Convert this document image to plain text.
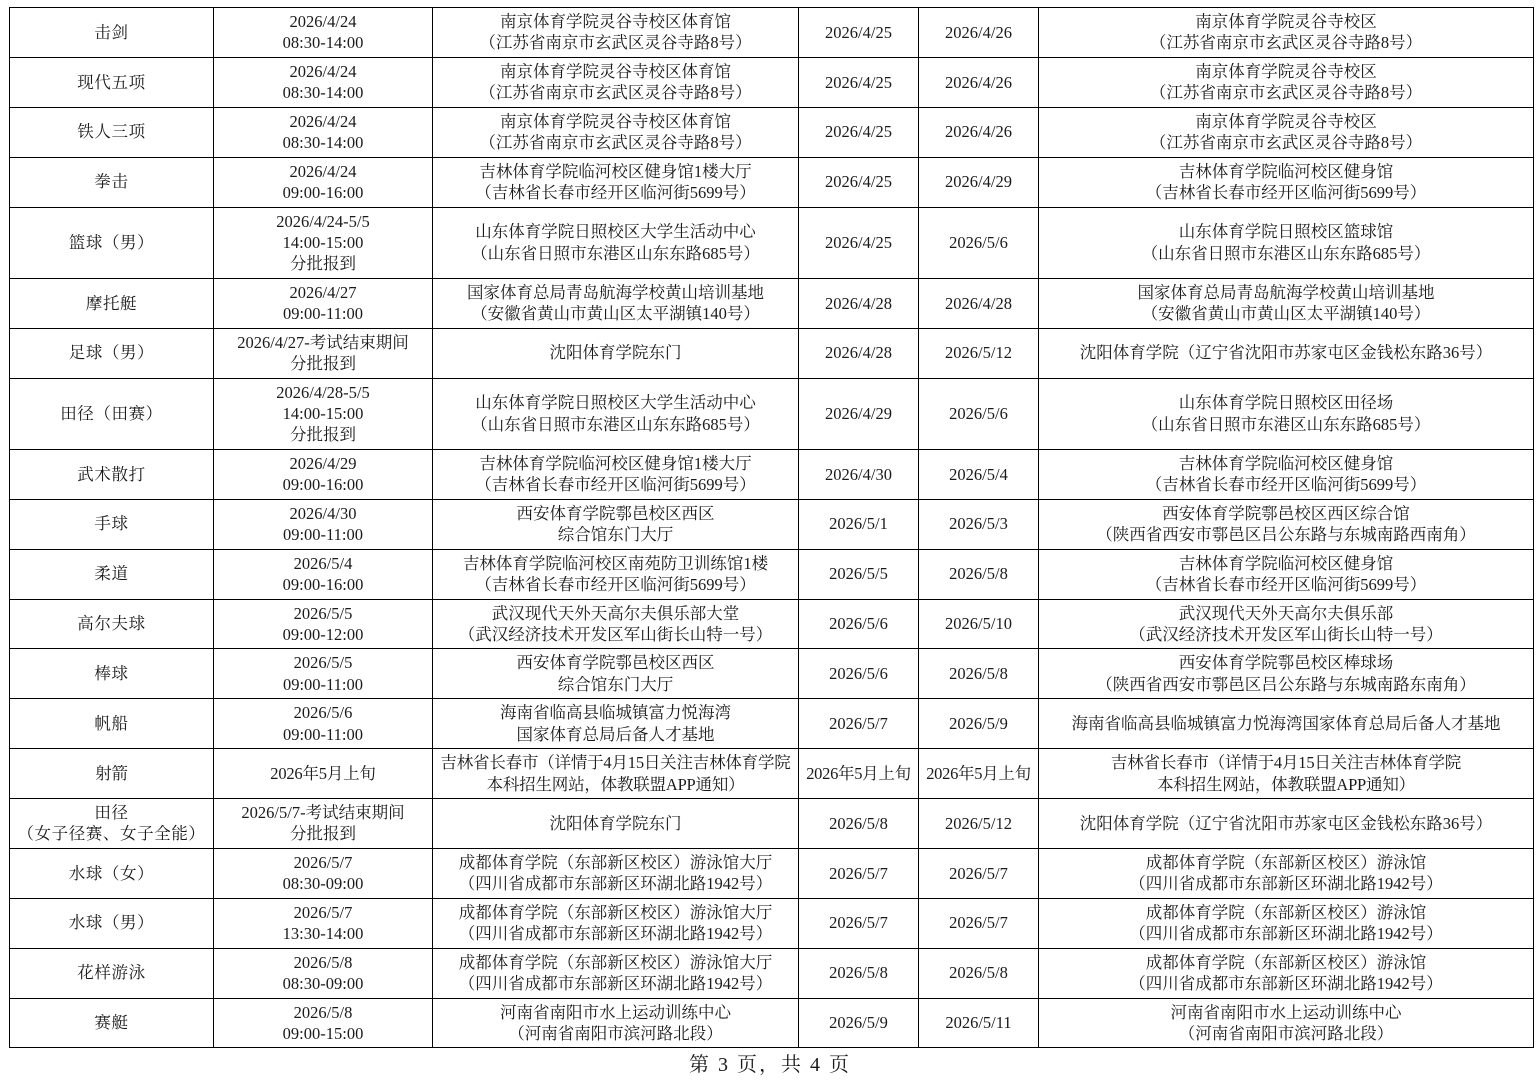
击剑	2026/4/24
08:30-14:00	南京体育学院灵谷寺校区体育馆
（江苏省南京市玄武区灵谷寺路8号）	2026/4/25	2026/4/26	南京体育学院灵谷寺校区
（江苏省南京市玄武区灵谷寺路8号）

现代五项	2026/4/24
08:30-14:00	南京体育学院灵谷寺校区体育馆
（江苏省南京市玄武区灵谷寺路8号）	2026/4/25	2026/4/26	南京体育学院灵谷寺校区
（江苏省南京市玄武区灵谷寺路8号）

铁人三项	2026/4/24
08:30-14:00	南京体育学院灵谷寺校区体育馆
（江苏省南京市玄武区灵谷寺路8号）	2026/4/25	2026/4/26	南京体育学院灵谷寺校区
（江苏省南京市玄武区灵谷寺路8号）

拳击	2026/4/24
09:00-16:00	吉林体育学院临河校区健身馆1楼大厅
（吉林省长春市经开区临河街5699号）	2026/4/25	2026/4/29	吉林体育学院临河校区健身馆
（吉林省长春市经开区临河街5699号）

篮球（男）	2026/4/24-5/5
14:00-15:00
分批报到	山东体育学院日照校区大学生活动中心
（山东省日照市东港区山东东路685号）	2026/4/25	2026/5/6	山东体育学院日照校区篮球馆
（山东省日照市东港区山东东路685号）

摩托艇	2026/4/27
09:00-11:00	国家体育总局青岛航海学校黄山培训基地
（安徽省黄山市黄山区太平湖镇140号）	2026/4/28	2026/4/28	国家体育总局青岛航海学校黄山培训基地
（安徽省黄山市黄山区太平湖镇140号）

足球（男）	2026/4/27-考试结束期间
分批报到	沈阳体育学院东门	2026/4/28	2026/5/12	沈阳体育学院（辽宁省沈阳市苏家屯区金钱松东路36号）

田径（田赛）	2026/4/28-5/5
14:00-15:00
分批报到	山东体育学院日照校区大学生活动中心
（山东省日照市东港区山东东路685号）	2026/4/29	2026/5/6	山东体育学院日照校区田径场
（山东省日照市东港区山东东路685号）

武术散打	2026/4/29
09:00-16:00	吉林体育学院临河校区健身馆1楼大厅
（吉林省长春市经开区临河街5699号）	2026/4/30	2026/5/4	吉林体育学院临河校区健身馆
（吉林省长春市经开区临河街5699号）

手球	2026/4/30
09:00-11:00	西安体育学院鄠邑校区西区
综合馆东门大厅	2026/5/1	2026/5/3	西安体育学院鄠邑校区西区综合馆
（陕西省西安市鄠邑区吕公东路与东城南路西南角）

柔道	2026/5/4
09:00-16:00	吉林体育学院临河校区南苑防卫训练馆1楼
（吉林省长春市经开区临河街5699号）	2026/5/5	2026/5/8	吉林体育学院临河校区健身馆
（吉林省长春市经开区临河街5699号）

高尔夫球	2026/5/5
09:00-12:00	武汉现代天外天高尔夫俱乐部大堂
（武汉经济技术开发区军山街长山特一号）	2026/5/6	2026/5/10	武汉现代天外天高尔夫俱乐部
（武汉经济技术开发区军山街长山特一号）

棒球	2026/5/5
09:00-11:00	西安体育学院鄠邑校区西区
综合馆东门大厅	2026/5/6	2026/5/8	西安体育学院鄠邑校区棒球场
（陕西省西安市鄠邑区吕公东路与东城南路东南角）

帆船	2026/5/6
09:00-11:00	海南省临高县临城镇富力悦海湾
国家体育总局后备人才基地	2026/5/7	2026/5/9	海南省临高县临城镇富力悦海湾国家体育总局后备人才基地

射箭	2026年5月上旬	吉林省长春市（详情于4月15日关注吉林体育学院
本科招生网站，体教联盟APP通知）	2026年5月上旬	2026年5月上旬	吉林省长春市（详情于4月15日关注吉林体育学院
本科招生网站，体教联盟APP通知）

田径
（女子径赛、女子全能）	2026/5/7-考试结束期间
分批报到	沈阳体育学院东门	2026/5/8	2026/5/12	沈阳体育学院（辽宁省沈阳市苏家屯区金钱松东路36号）

水球（女）	2026/5/7
08:30-09:00	成都体育学院（东部新区校区）游泳馆大厅
（四川省成都市东部新区环湖北路1942号）	2026/5/7	2026/5/7	成都体育学院（东部新区校区）游泳馆
（四川省成都市东部新区环湖北路1942号）

水球（男）	2026/5/7
13:30-14:00	成都体育学院（东部新区校区）游泳馆大厅
（四川省成都市东部新区环湖北路1942号）	2026/5/7	2026/5/7	成都体育学院（东部新区校区）游泳馆
（四川省成都市东部新区环湖北路1942号）

花样游泳	2026/5/8
08:30-09:00	成都体育学院（东部新区校区）游泳馆大厅
（四川省成都市东部新区环湖北路1942号）	2026/5/8	2026/5/8	成都体育学院（东部新区校区）游泳馆
（四川省成都市东部新区环湖北路1942号）

赛艇	2026/5/8
09:00-15:00	河南省南阳市水上运动训练中心
（河南省南阳市滨河路北段）	2026/5/9	2026/5/11	河南省南阳市水上运动训练中心
（河南省南阳市滨河路北段）
第 3 页，共 4 页
